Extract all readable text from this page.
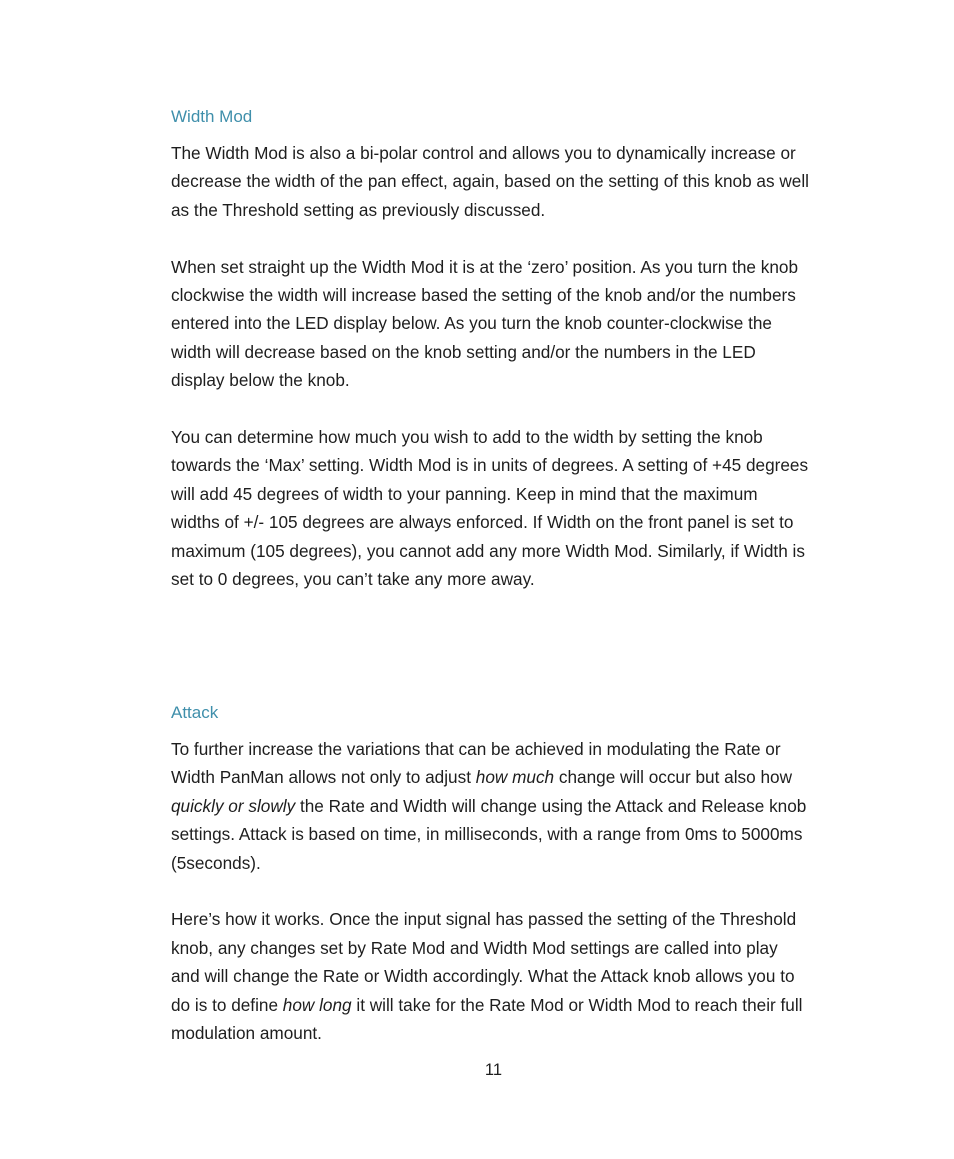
Width Mod

The Width Mod is also a bi-polar control and allows you to dynamically increase or decrease the width of the pan effect, again, based on the setting of this knob as well as the Threshold setting as previously discussed.

When set straight up the Width Mod it is at the ‘zero’ position. As you turn the knob clockwise the width will increase based the setting of the knob and/or the numbers entered into the LED display below. As you turn the knob counter-clockwise the width will decrease based on the knob setting and/or the numbers in the LED display below the knob.

You can determine how much you wish to add to the width by setting the knob towards the ‘Max’ setting. Width Mod is in units of degrees. A setting of +45 degrees will add 45 degrees of width to your panning. Keep in mind that the maximum widths of +/- 105 degrees are always enforced. If Width on the front panel is set to maximum (105 degrees), you cannot add any more Width Mod. Similarly, if Width is set to 0 degrees, you can’t take any more away.

Attack

To further increase the variations that can be achieved in modulating the Rate or Width PanMan allows not only to adjust how much change will occur but also how quickly or slowly the Rate and Width will change using the Attack and Release knob settings. Attack is based on time, in milliseconds, with a range from 0ms to 5000ms (5seconds).

Here’s how it works. Once the input signal has passed the setting of the Threshold knob, any changes set by Rate Mod and Width Mod settings are called into play and will change the Rate or Width accordingly. What the Attack knob allows you to do is to define how long it will take for the Rate Mod or Width Mod to reach their full modulation amount.

11
